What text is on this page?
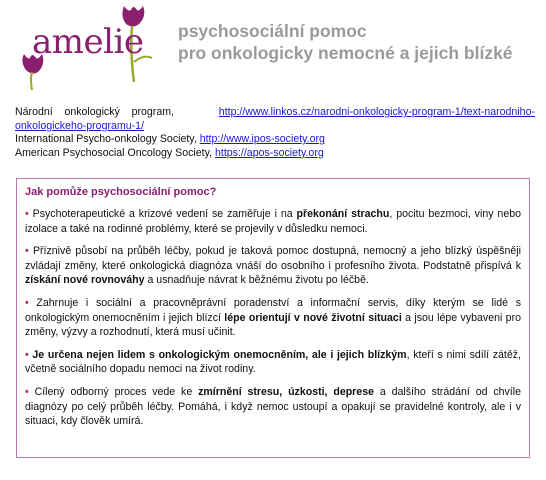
amelie psychosociální pomoc
pro onkologicky nemocné a jejich blízké
Národní    onkologický    program,	http://www.linkos.cz/narodni-onkologicky-program-1/text-narodniho-
onkologickeho-programu-1/
International Psycho-onkology Society, http://www.ipos-society.org
American Psychosocial Oncology Society, https://apos-society.org
Jak pomůže psychosociální pomoc?
• Psychoterapeutické a krizové vedení se zaměřuje i na překonání strachu, pocitu bezmoci, viny nebo izolace a také na rodinné problémy, které se projevily v důsledku nemoci.
• Příznivě působí na průběh léčby, pokud je taková pomoc dostupná, nemocný a jeho blízký úspěšněji zvládají změny, které onkologická diagnóza vnáší do osobního i profesního života. Podstatně přispívá k získání nové rovnováhy a usnadňuje návrat k běžnému životu po léčbě.
• Zahrnuje i sociální a pracovněprávní poradenství a informační servis, díky kterým se lidé s onkologickým onemocněním i jejich blízcí lépe orientují v nové životní situaci a jsou lépe vybaveni pro změny, výzvy a rozhodnutí, která musí učinit.
• Je určena nejen lidem s onkologickým onemocněním, ale i jejich blízkým, kteří s nimi sdílí zátěž, včetně sociálního dopadu nemoci na život rodiny.
• Cílený odborný proces vede ke zmírnění stresu, úzkosti, deprese a dalšího strádání od chvíle diagnózy po celý průběh léčby. Pomáhá, i když nemoc ustoupí a opakují se pravidelné kontroly, ale i v situaci, kdy člověk umírá.
